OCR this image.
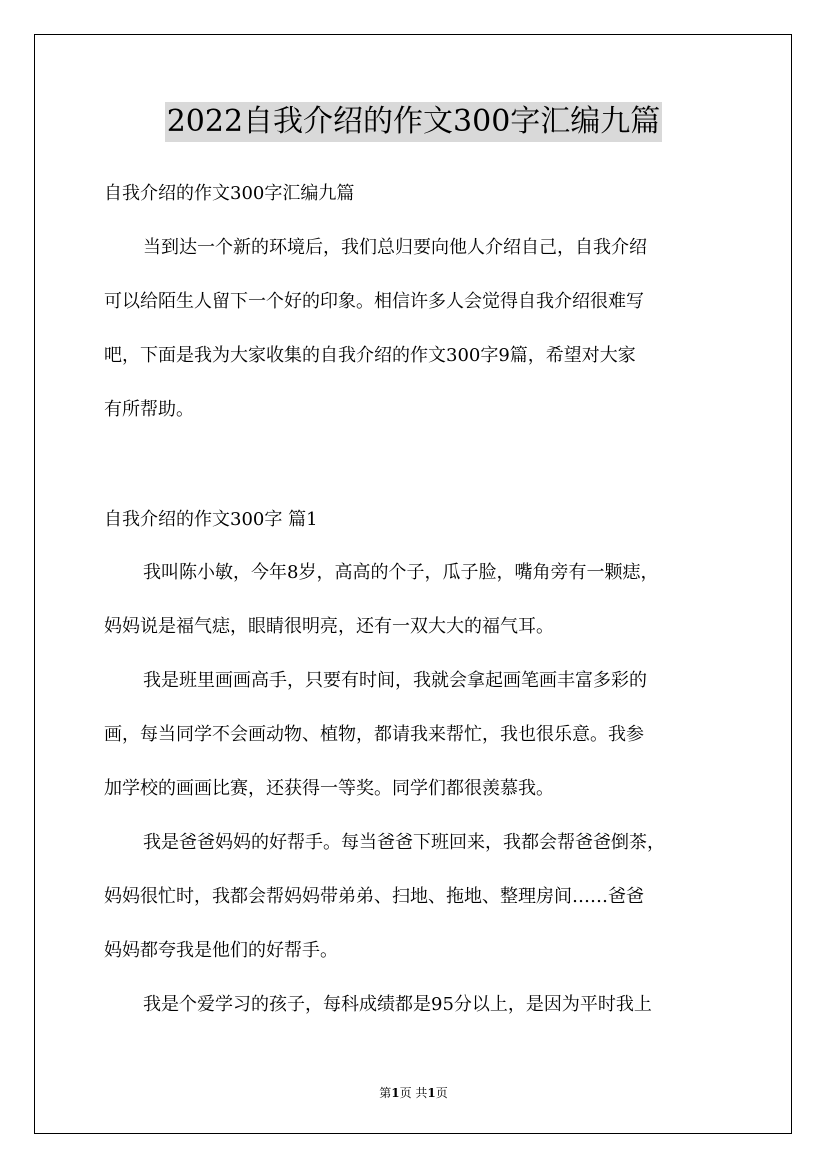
2022自我介绍的作文300字汇编九篇

自我介绍的作文300字汇编九篇

当到达一个新的环境后，我们总归要向他人介绍自己，自我介绍

可以给陌生人留下一个好的印象。相信许多人会觉得自我介绍很难写

吧，下面是我为大家收集的自我介绍的作文300字9篇，希望对大家

有所帮助。

自我介绍的作文300字 篇1

我叫陈小敏，今年8岁，高高的个子，瓜子脸，嘴角旁有一颗痣，

妈妈说是福气痣，眼睛很明亮，还有一双大大的福气耳。

我是班里画画高手，只要有时间，我就会拿起画笔画丰富多彩的

画，每当同学不会画动物、植物，都请我来帮忙，我也很乐意。我参

加学校的画画比赛，还获得一等奖。同学们都很羡慕我。

我是爸爸妈妈的好帮手。每当爸爸下班回来，我都会帮爸爸倒茶，

妈妈很忙时，我都会帮妈妈带弟弟、扫地、拖地、整理房间……爸爸

妈妈都夸我是他们的好帮手。

我是个爱学习的孩子，每科成绩都是95分以上，是因为平时我上

第1页 共1页
